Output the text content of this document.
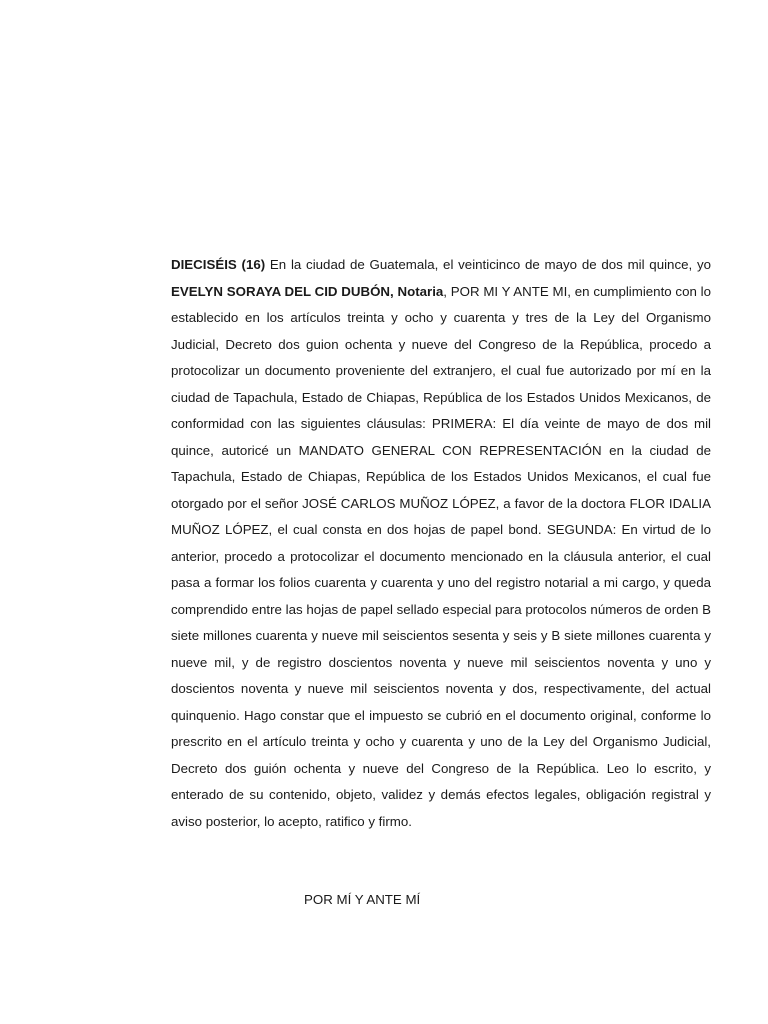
DIECISÉIS (16) En la ciudad de Guatemala, el veinticinco de mayo de dos mil quince, yo EVELYN SORAYA DEL CID DUBÓN, Notaria, POR MI Y ANTE MI, en cumplimiento con lo establecido en los artículos treinta y ocho y cuarenta y tres de la Ley del Organismo Judicial, Decreto dos guion ochenta y nueve del Congreso de la República, procedo a protocolizar un documento proveniente del extranjero, el cual fue autorizado por mí en la ciudad de Tapachula, Estado de Chiapas, República de los Estados Unidos Mexicanos, de conformidad con las siguientes cláusulas: PRIMERA: El día veinte de mayo de dos mil quince, autoricé un MANDATO GENERAL CON REPRESENTACIÓN en la ciudad de Tapachula, Estado de Chiapas, República de los Estados Unidos Mexicanos, el cual fue otorgado por el señor JOSÉ CARLOS MUÑOZ LÓPEZ, a favor de la doctora FLOR IDALIA MUÑOZ LÓPEZ, el cual consta en dos hojas de papel bond. SEGUNDA: En virtud de lo anterior, procedo a protocolizar el documento mencionado en la cláusula anterior, el cual pasa a formar los folios cuarenta y cuarenta y uno del registro notarial a mi cargo, y queda comprendido entre las hojas de papel sellado especial para protocolos números de orden B siete millones cuarenta y nueve mil seiscientos sesenta y seis y B siete millones cuarenta y nueve mil, y de registro doscientos noventa y nueve mil seiscientos noventa y uno y doscientos noventa y nueve mil seiscientos noventa y dos, respectivamente, del actual quinquenio. Hago constar que el impuesto se cubrió en el documento original, conforme lo prescrito en el artículo treinta y ocho y cuarenta y uno de la Ley del Organismo Judicial, Decreto dos guión ochenta y nueve del Congreso de la República. Leo lo escrito, y enterado de su contenido, objeto, validez y demás efectos legales, obligación registral y aviso posterior, lo acepto, ratifico y firmo.

POR MÍ Y ANTE MÍ
